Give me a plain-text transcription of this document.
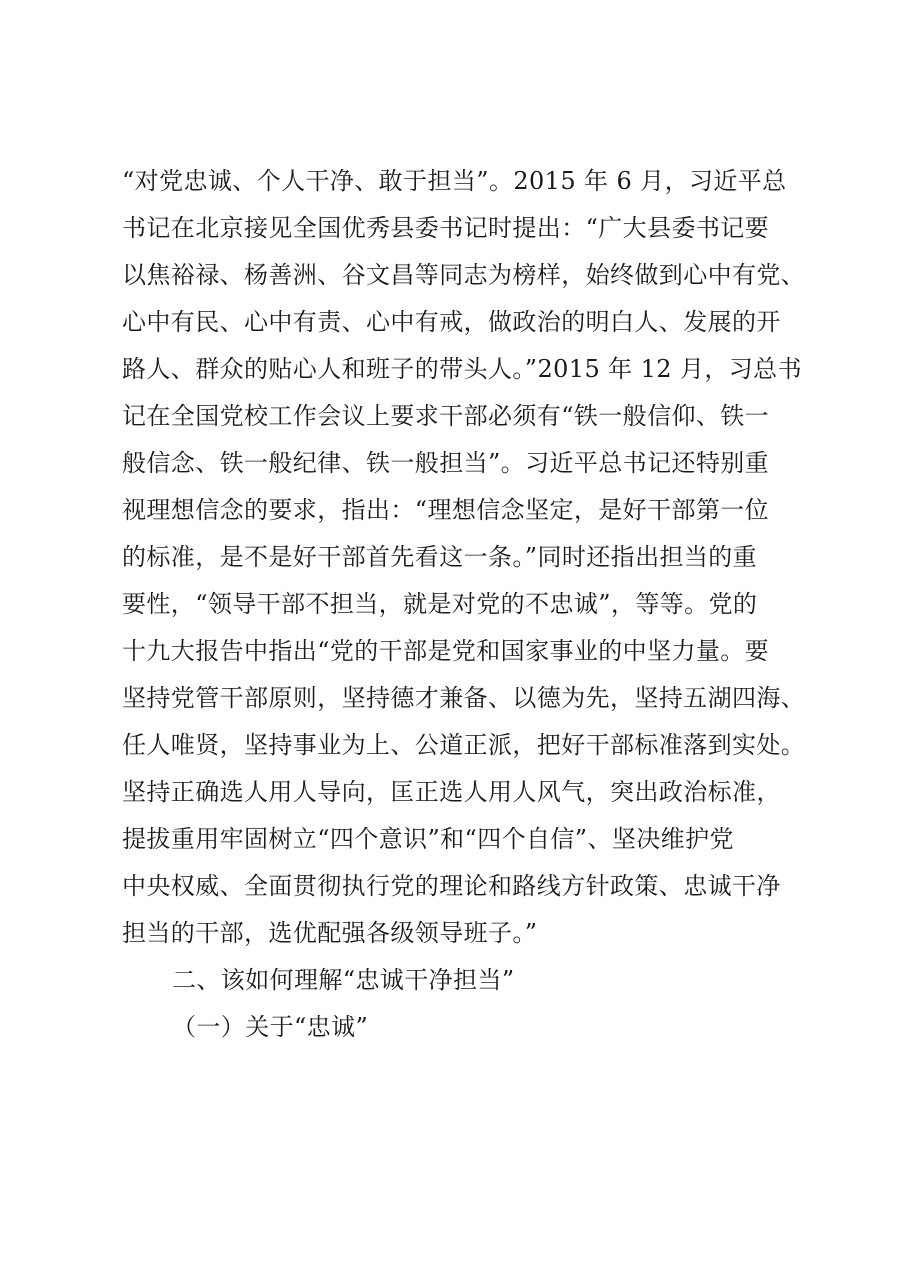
“对党忠诚、个人干净、敢于担当”。2015 年 6 月，习近平总
书记在北京接见全国优秀县委书记时提出：“广大县委书记要
以焦裕禄、杨善洲、谷文昌等同志为榜样，始终做到心中有党、
心中有民、心中有责、心中有戒，做政治的明白人、发展的开
路人、群众的贴心人和班子的带头人。”2015 年 12 月，习总书
记在全国党校工作会议上要求干部必须有“铁一般信仰、铁一
般信念、铁一般纪律、铁一般担当”。习近平总书记还特别重
视理想信念的要求，指出：“理想信念坚定，是好干部第一位
的标准，是不是好干部首先看这一条。”同时还指出担当的重
要性，“领导干部不担当，就是对党的不忠诚”，等等。党的
十九大报告中指出“党的干部是党和国家事业的中坚力量。要
坚持党管干部原则，坚持德才兼备、以德为先，坚持五湖四海、
任人唯贤，坚持事业为上、公道正派，把好干部标准落到实处。
坚持正确选人用人导向，匡正选人用人风气，突出政治标准，
提拔重用牢固树立“四个意识”和“四个自信”、坚决维护党
中央权威、全面贯彻执行党的理论和路线方针政策、忠诚干净
担当的干部，选优配强各级领导班子。”
二、该如何理解“忠诚干净担当”
（一）关于“忠诚”
